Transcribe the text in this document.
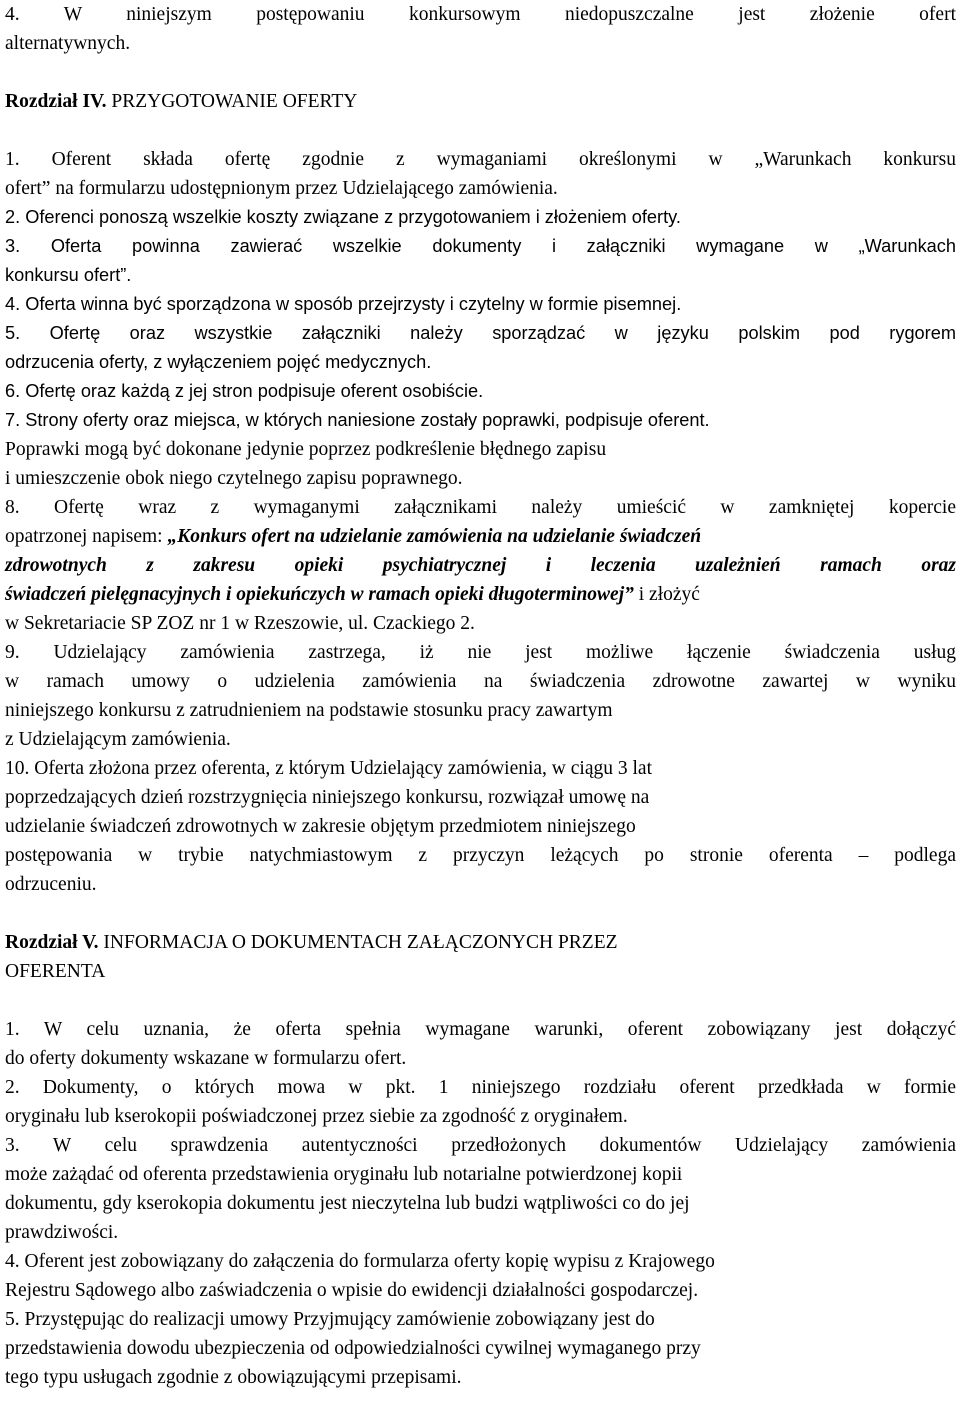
4. W niniejszym postępowaniu konkursowym niedopuszczalne jest złożenie ofert
alternatywnych.
Rozdział IV. PRZYGOTOWANIE OFERTY
1. Oferent składa ofertę zgodnie z wymaganiami określonymi w „Warunkach konkursu
ofert” na formularzu udostępnionym przez Udzielającego zamówienia.
2. Oferenci ponoszą wszelkie koszty związane z przygotowaniem i złożeniem oferty.
3. Oferta powinna zawierać wszelkie dokumenty i załączniki wymagane w „Warunkach
konkursu ofert”.
4. Oferta winna być sporządzona w sposób przejrzysty i czytelny w formie pisemnej.
5. Ofertę oraz wszystkie załączniki należy sporządzać w języku polskim pod rygorem
odrzucenia oferty, z wyłączeniem pojęć medycznych.
6. Ofertę oraz każdą z jej stron podpisuje oferent osobiście.
7. Strony oferty oraz miejsca, w których naniesione zostały poprawki, podpisuje oferent.
Poprawki mogą być dokonane jedynie poprzez podkreślenie błędnego zapisu
i umieszczenie obok niego czytelnego zapisu poprawnego.
8. Ofertę wraz z wymaganymi załącznikami należy umieścić w zamkniętej kopercie
opatrzonej napisem: „Konkurs ofert na udzielanie zamówienia na udzielanie świadczeń
zdrowotnych z zakresu opieki psychiatrycznej i leczenia uzależnień ramach oraz
świadczeń pielęgnacyjnych i opiekuńczych w ramach opieki długoterminowej” i złożyć
w Sekretariacie SP ZOZ nr 1 w Rzeszowie, ul. Czackiego 2.
9. Udzielający zamówienia zastrzega, iż nie jest możliwe łączenie świadczenia usług
w ramach umowy o udzielenia zamówienia na świadczenia zdrowotne zawartej w wyniku
niniejszego konkursu z zatrudnieniem na podstawie stosunku pracy zawartym
z Udzielającym zamówienia.
10. Oferta złożona przez oferenta, z którym Udzielający zamówienia, w ciągu 3 lat
poprzedzających dzień rozstrzygnięcia niniejszego konkursu, rozwiązał umowę na
udzielanie świadczeń zdrowotnych w zakresie objętym przedmiotem niniejszego
postępowania w trybie natychmiastowym z przyczyn leżących po stronie oferenta – podlega
odrzuceniu.
Rozdział V. INFORMACJA O DOKUMENTACH ZAŁĄCZONYCH PRZEZ
OFERENTA
1. W celu uznania, że oferta spełnia wymagane warunki, oferent zobowiązany jest dołączyć
do oferty dokumenty wskazane w formularzu ofert.
2. Dokumenty, o których mowa w pkt. 1 niniejszego rozdziału oferent przedkłada w formie
oryginału lub kserokopii poświadczonej przez siebie za zgodność z oryginałem.
3. W celu sprawdzenia autentyczności przedłożonych dokumentów Udzielający zamówienia
może zażądać od oferenta przedstawienia oryginału lub notarialne potwierdzonej kopii
dokumentu, gdy kserokopia dokumentu jest nieczytelna lub budzi wątpliwości co do jej
prawdziwości.
4. Oferent jest zobowiązany do załączenia do formularza oferty kopię wypisu z Krajowego
Rejestru Sądowego albo zaświadczenia o wpisie do ewidencji działalności gospodarczej.
5. Przystępując do realizacji umowy Przyjmujący zamówienie zobowiązany jest do
przedstawienia dowodu ubezpieczenia od odpowiedzialności cywilnej wymaganego przy
tego typu usługach zgodnie z obowiązującymi przepisami.
